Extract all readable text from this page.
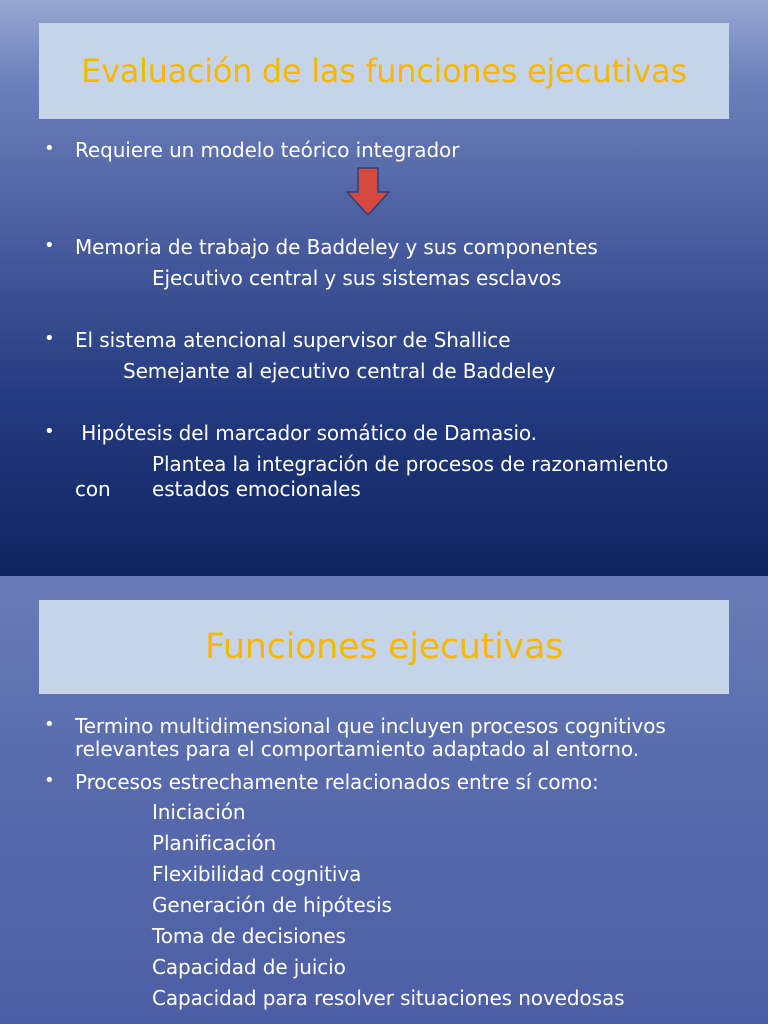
Evaluación de las funciones ejecutivas
• Requiere un modelo teórico integrador
• Memoria de trabajo de Baddeley y sus componentes
Ejecutivo central y sus sistemas esclavos
• El sistema atencional supervisor de Shallice
Semejante al ejecutivo central de Baddeley
• Hipótesis del marcador somático de Damasio.
Plantea la integración de procesos de razonamiento
con estados emocionales
Funciones ejecutivas
• Termino multidimensional que incluyen procesos cognitivos
relevantes para el comportamiento adaptado al entorno.
• Procesos estrechamente relacionados entre sí como:
Iniciación
Planificación
Flexibilidad cognitiva
Generación de hipótesis
Toma de decisiones
Capacidad de juicio
Capacidad para resolver situaciones novedosas
